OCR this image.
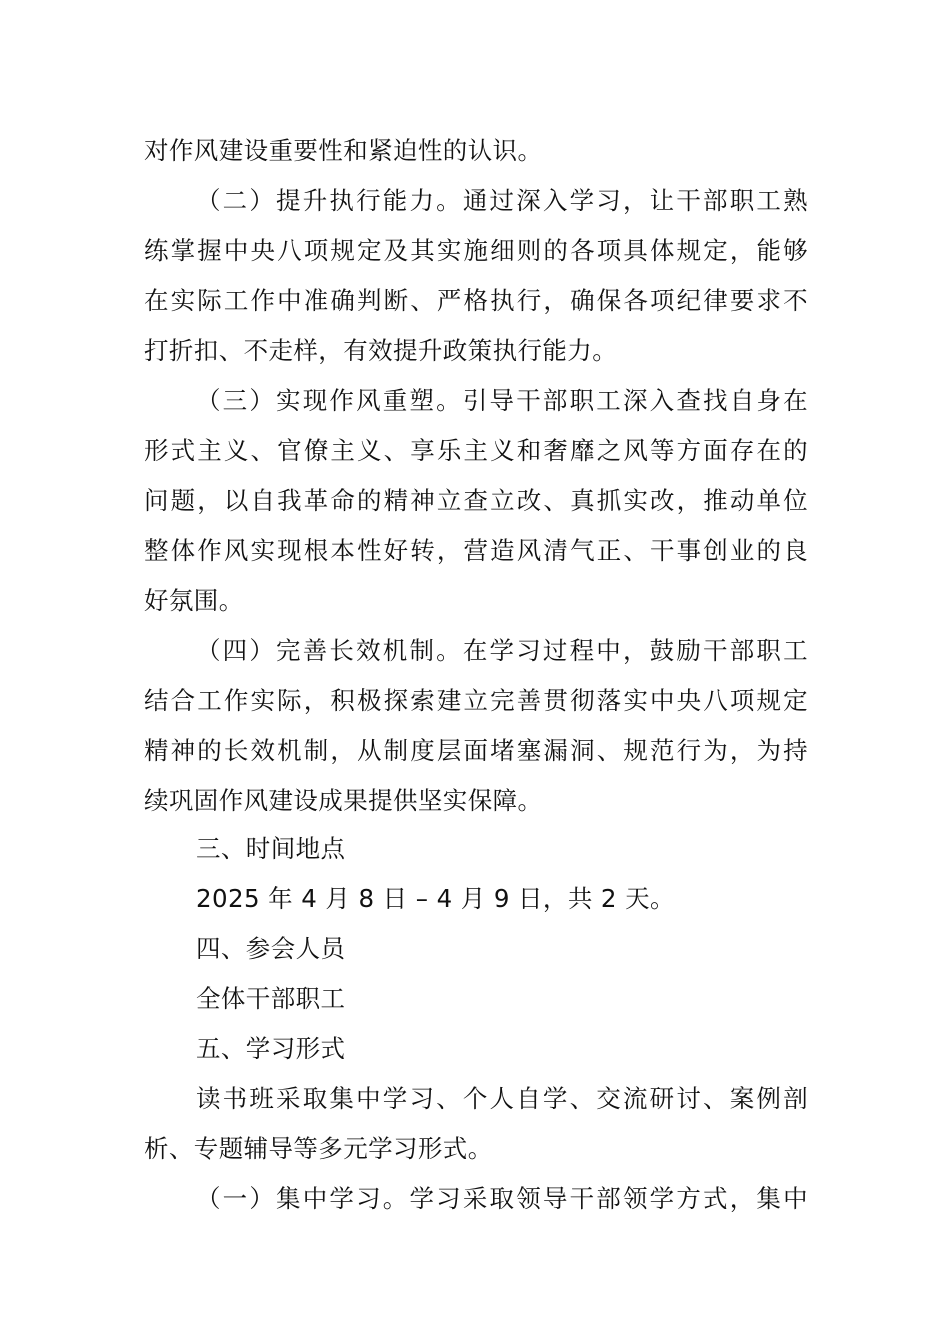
对作风建设重要性和紧迫性的认识。
（二）提升执行能力。通过深入学习，让干部职工熟
练掌握中央八项规定及其实施细则的各项具体规定，能够
在实际工作中准确判断、严格执行，确保各项纪律要求不
打折扣、不走样，有效提升政策执行能力。
（三）实现作风重塑。引导干部职工深入查找自身在
形式主义、官僚主义、享乐主义和奢靡之风等方面存在的
问题，以自我革命的精神立查立改、真抓实改，推动单位
整体作风实现根本性好转，营造风清气正、干事创业的良
好氛围。
（四）完善长效机制。在学习过程中，鼓励干部职工
结合工作实际，积极探索建立完善贯彻落实中央八项规定
精神的长效机制，从制度层面堵塞漏洞、规范行为，为持
续巩固作风建设成果提供坚实保障。
三、时间地点
2025 年 4 月 8 日 – 4 月 9 日，共 2 天。
四、参会人员
全体干部职工
五、学习形式
读书班采取集中学习、个人自学、交流研讨、案例剖
析、专题辅导等多元学习形式。
（一）集中学习。学习采取领导干部领学方式，集中
